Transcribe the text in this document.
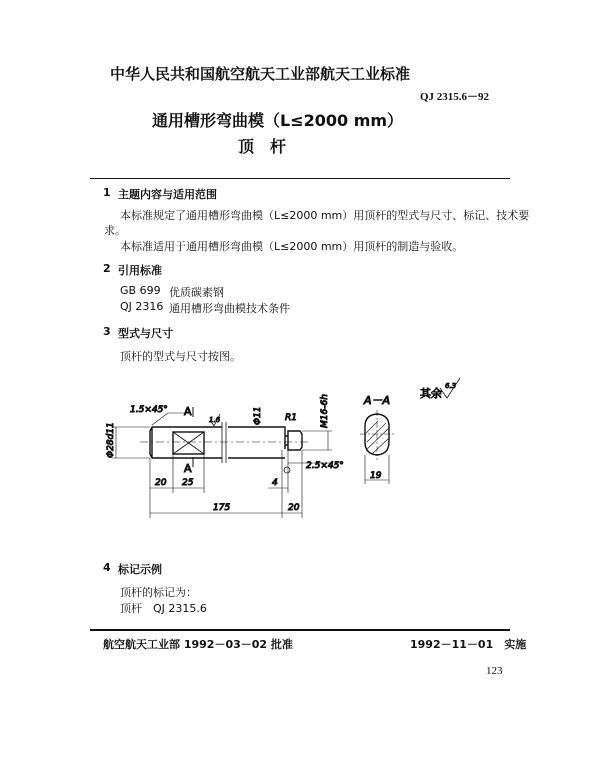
中华人民共和国航空航天工业部航天工业标准
QJ 2315.6－92
通用槽形弯曲模（L≤2000 mm）
顶　杆
1 主题内容与适用范围
本标准规定了通用槽形弯曲模（L≤2000 mm）用顶杆的型式与尺寸、标记、技术要
求。
本标准适用于通用槽形弯曲模（L≤2000 mm）用顶杆的制造与验收。
2 引用标准
GB 699 优质碳素钢
QJ 2316 通用槽形弯曲模技术条件
3 型式与尺寸
顶杆的型式与尺寸按图。
1.5×45° A
A
1.6	Φ11 R1	M16-6h
Φ28d11
2.5×45°
20 25	4
175	20
A－A
19
其余
6.3
4 标记示例
顶杆的标记为：
顶杆　QJ 2315.6
航空航天工业部 1992－03－02 批准	1992－11－01　实施
123
